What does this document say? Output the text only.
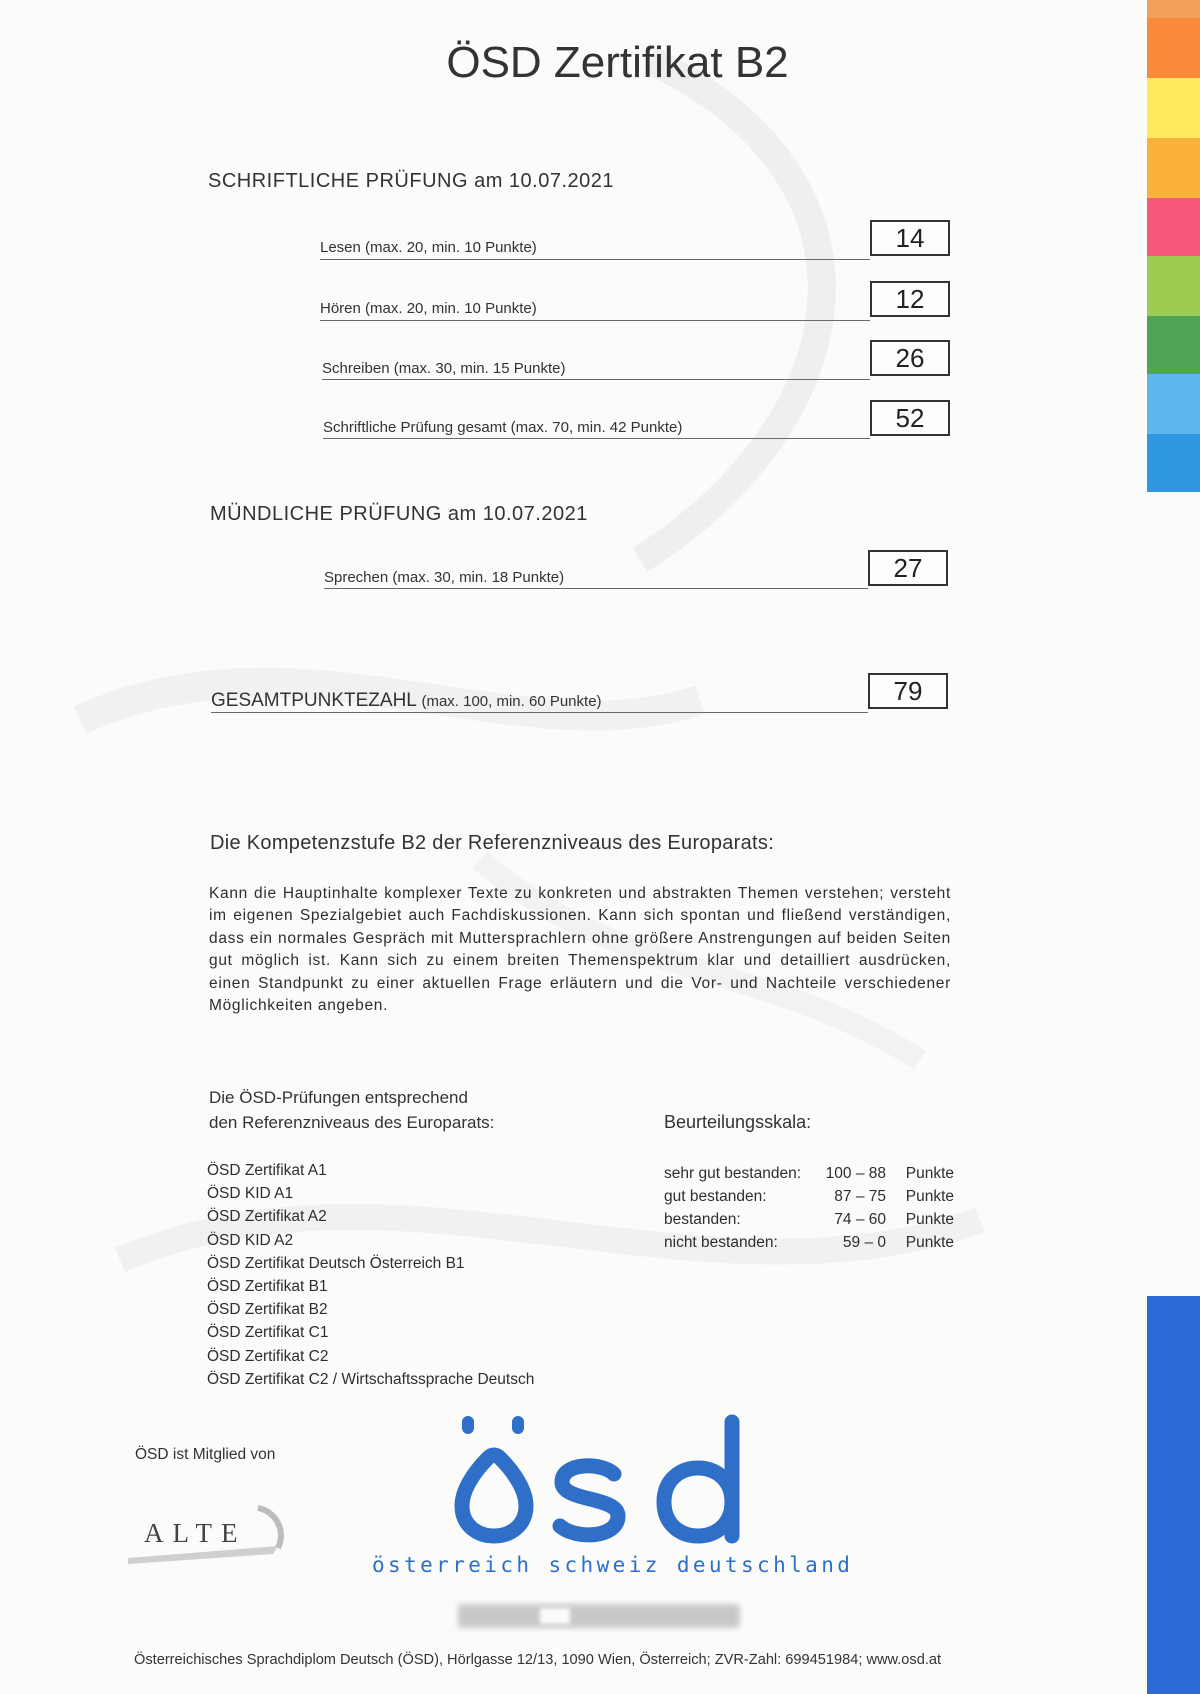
ÖSD Zertifikat B2
SCHRIFTLICHE PRÜFUNG am 10.07.2021
Lesen (max. 20, min. 10 Punkte)	14
Hören (max. 20, min. 10 Punkte)	12
Schreiben (max. 30, min. 15 Punkte)	26
Schriftliche Prüfung gesamt (max. 70, min. 42 Punkte)	52
MÜNDLICHE PRÜFUNG am 10.07.2021
Sprechen (max. 30, min. 18 Punkte)	27
GESAMTPUNKTEZAHL (max. 100, min. 60 Punkte)	79
Die Kompetenzstufe B2 der Referenzniveaus des Europarats:
Kann die Hauptinhalte komplexer Texte zu konkreten und abstrakten Themen verstehen; versteht im eigenen Spezialgebiet auch Fachdiskussionen. Kann sich spontan und fließend verständigen, dass ein normales Gespräch mit Muttersprachlern ohne größere Anstrengungen auf beiden Seiten gut möglich ist. Kann sich zu einem breiten Themenspektrum klar und detailliert ausdrücken, einen Standpunkt zu einer aktuellen Frage erläutern und die Vor- und Nachteile verschiedener Möglichkeiten angeben.
Die ÖSD-Prüfungen entsprechend
den Referenzniveaus des Europarats:
ÖSD Zertifikat A1
ÖSD KID A1
ÖSD Zertifikat A2
ÖSD KID A2
ÖSD Zertifikat Deutsch Österreich B1
ÖSD Zertifikat B1
ÖSD Zertifikat B2
ÖSD Zertifikat C1
ÖSD Zertifikat C2
ÖSD Zertifikat C2 / Wirtschaftssprache Deutsch
Beurteilungsskala:
sehr gut bestanden: 100 – 88 Punkte
gut bestanden:	87 – 75 Punkte
bestanden:	74 – 60 Punkte
nicht bestanden:	59 – 0 Punkte
ÖSD ist Mitglied von
ALTE
österreich schweiz deutschland
Österreichisches Sprachdiplom Deutsch (ÖSD), Hörlgasse 12/13, 1090 Wien, Österreich; ZVR-Zahl: 699451984; www.osd.at
